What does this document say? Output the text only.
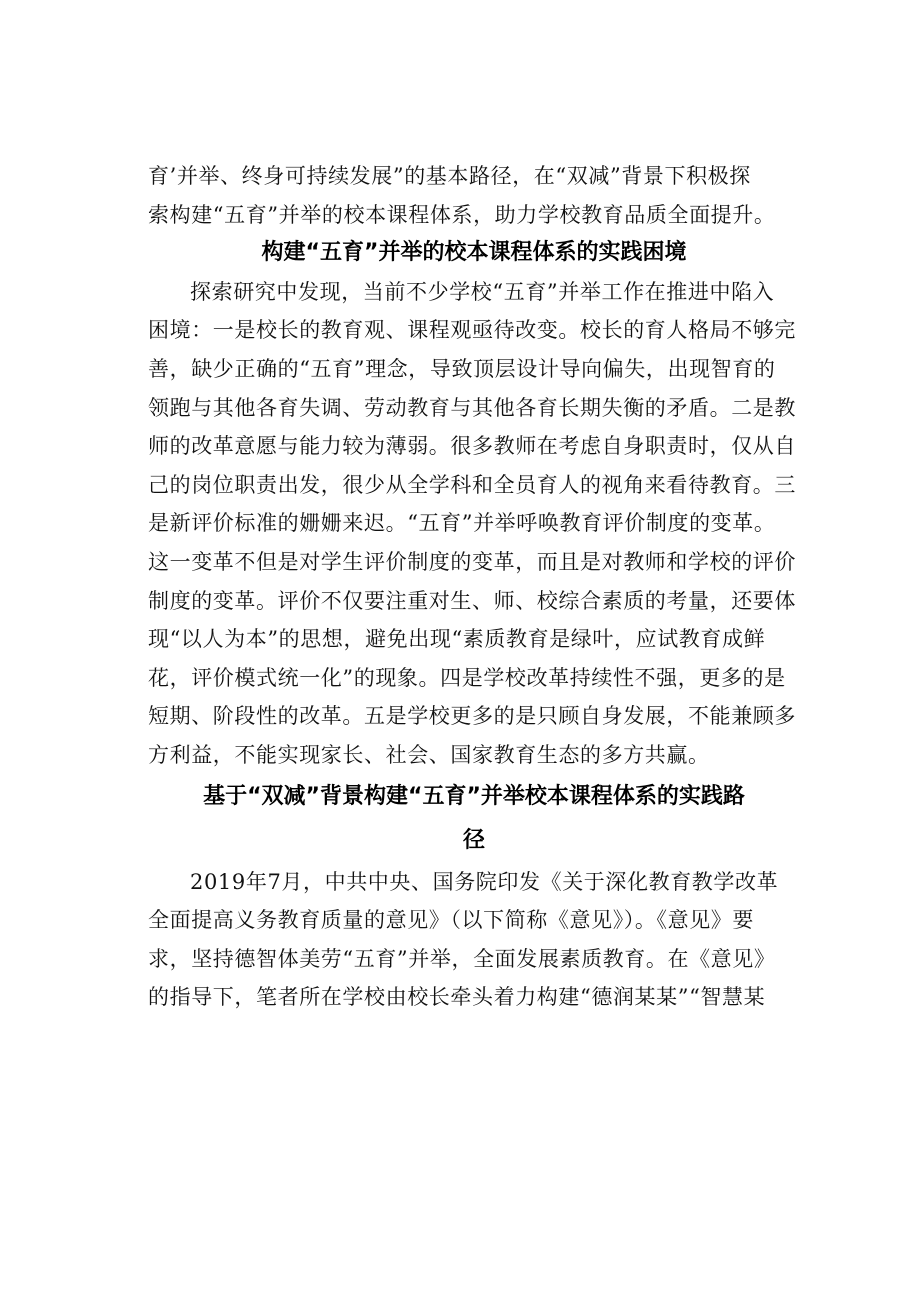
育’并举、终身可持续发展”的基本路径，在“双减”背景下积极探
索构建“五育”并举的校本课程体系，助力学校教育品质全面提升。

构建“五育”并举的校本课程体系的实践困境

探索研究中发现，当前不少学校“五育”并举工作在推进中陷入
困境：一是校长的教育观、课程观亟待改变。校长的育人格局不够完
善，缺少正确的“五育”理念，导致顶层设计导向偏失，出现智育的
领跑与其他各育失调、劳动教育与其他各育长期失衡的矛盾。二是教
师的改革意愿与能力较为薄弱。很多教师在考虑自身职责时，仅从自
己的岗位职责出发，很少从全学科和全员育人的视角来看待教育。三
是新评价标准的姗姗来迟。“五育”并举呼唤教育评价制度的变革。
这一变革不但是对学生评价制度的变革，而且是对教师和学校的评价
制度的变革。评价不仅要注重对生、师、校综合素质的考量，还要体
现“以人为本”的思想，避免出现“素质教育是绿叶，应试教育成鲜
花，评价模式统一化”的现象。四是学校改革持续性不强，更多的是
短期、阶段性的改革。五是学校更多的是只顾自身发展，不能兼顾多
方利益，不能实现家长、社会、国家教育生态的多方共赢。

基于“双减”背景构建“五育”并举校本课程体系的实践路
径

2019年7月，中共中央、国务院印发《关于深化教育教学改革
全面提高义务教育质量的意见》（以下简称《意见》）。《意见》要
求，坚持德智体美劳“五育”并举，全面发展素质教育。在《意见》
的指导下，笔者所在学校由校长牵头着力构建“德润某某”“智慧某
